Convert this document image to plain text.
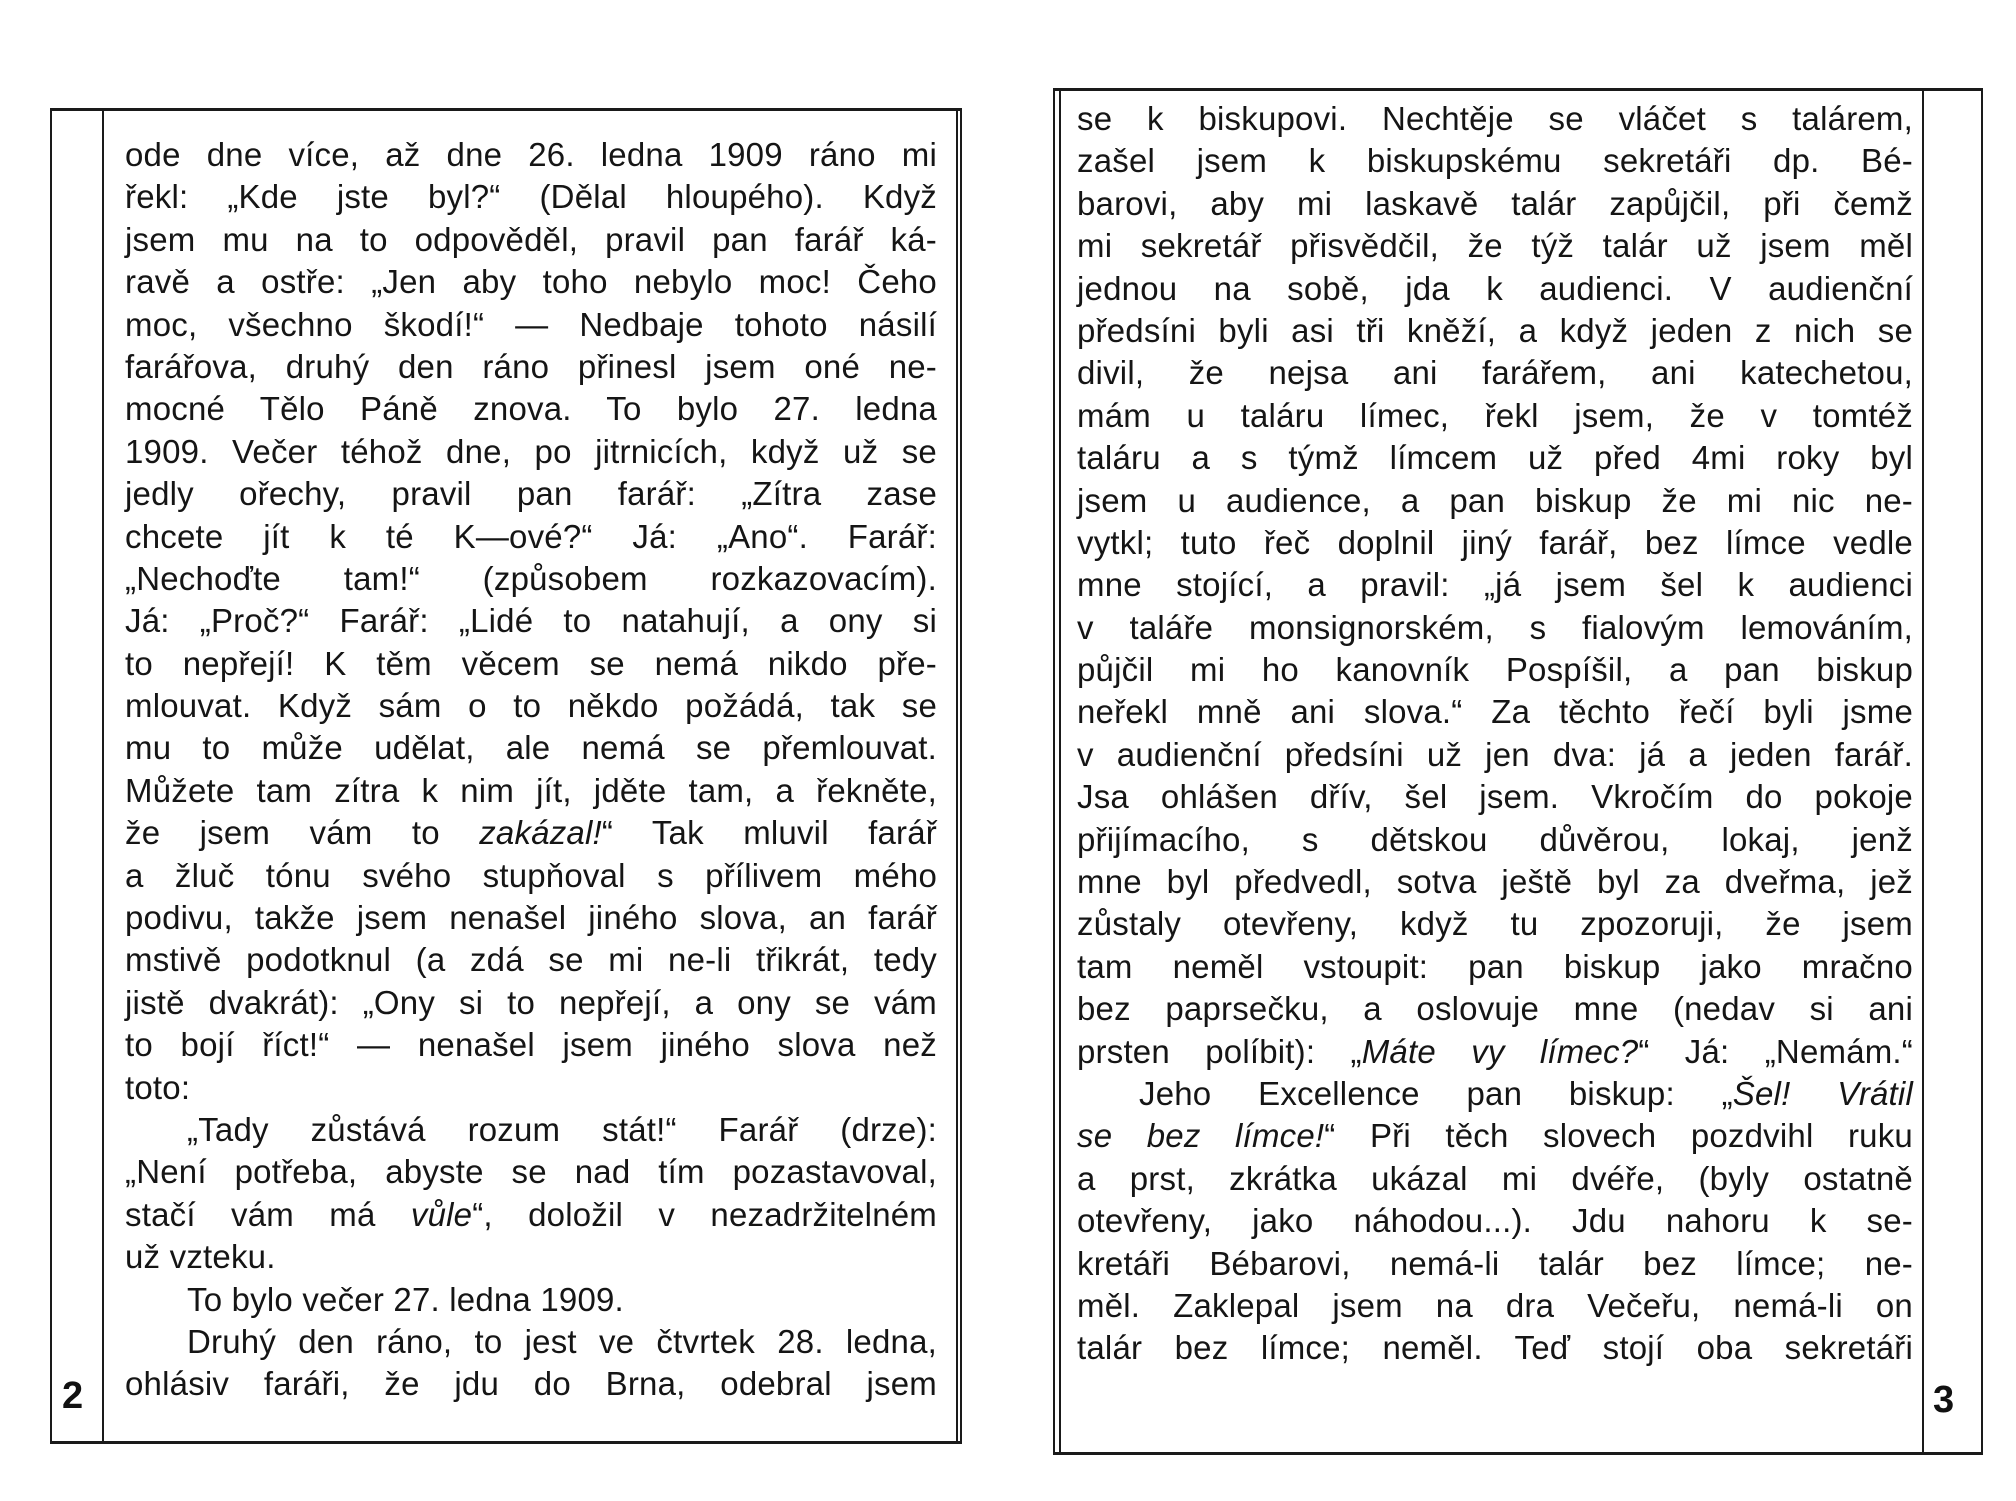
2
ode dne více, až dne 26. ledna 1909 ráno mi
řekl: „Kde jste byl?“ (Dělal hloupého). Když
jsem mu na to odpověděl, pravil pan farář ká-
ravě a ostře: „Jen aby toho nebylo moc! Čeho
moc, všechno škodí!“ — Nedbaje tohoto násilí
farářova, druhý den ráno přinesl jsem oné ne-
mocné Tělo Páně znova. To bylo 27. ledna
1909. Večer téhož dne, po jitrnicích, když už se
jedly ořechy, pravil pan farář: „Zítra zase
chcete jít k té K—ové?“ Já: „Ano“. Farář:
„Nechoďte tam!“ (způsobem rozkazovacím).
Já: „Proč?“ Farář: „Lidé to natahují, a ony si
to nepřejí! K těm věcem se nemá nikdo pře-
mlouvat. Když sám o to někdo požádá, tak se
mu to může udělat, ale nemá se přemlouvat.
Můžete tam zítra k nim jít, jděte tam, a řekněte,
že jsem vám to zakázal!“ Tak mluvil farář
a žluč tónu svého stupňoval s přílivem mého
podivu, takže jsem nenašel jiného slova, an farář
mstivě podotknul (a zdá se mi ne-li třikrát, tedy
jistě dvakrát): „Ony si to nepřejí, a ony se vám
to bojí říct!“ — nenašel jsem jiného slova než
toto:
„Tady zůstává rozum stát!“ Farář (drze):
„Není potřeba, abyste se nad tím pozastavoval,
stačí vám má vůle“, doložil v nezadržitelném
už vzteku.
To bylo večer 27. ledna 1909.
Druhý den ráno, to jest ve čtvrtek 28. ledna,
ohlásiv faráři, že jdu do Brna, odebral jsem	3
se k biskupovi. Nechtěje se vláčet s talárem,
zašel jsem k biskupskému sekretáři dp. Bé-
barovi, aby mi laskavě talár zapůjčil, při čemž
mi sekretář přisvědčil, že týž talár už jsem měl
jednou na sobě, jda k audienci. V audienční
předsíni byli asi tři kněží, a když jeden z nich se
divil, že nejsa ani farářem, ani katechetou,
mám u taláru límec, řekl jsem, že v tomtéž
taláru a s týmž límcem už před 4mi roky byl
jsem u audience, a pan biskup že mi nic ne-
vytkl; tuto řeč doplnil jiný farář, bez límce vedle
mne stojící, a pravil: „já jsem šel k audienci
v taláře monsignorském, s fialovým lemováním,
půjčil mi ho kanovník Pospíšil, a pan biskup
neřekl mně ani slova.“ Za těchto řečí byli jsme
v audienční předsíni už jen dva: já a jeden farář.
Jsa ohlášen dřív, šel jsem. Vkročím do pokoje
přijímacího, s dětskou důvěrou, lokaj, jenž
mne byl předvedl, sotva ještě byl za dveřma, jež
zůstaly otevřeny, když tu zpozoruji, že jsem
tam neměl vstoupit: pan biskup jako mračno
bez paprsečku, a oslovuje mne (nedav si ani
prsten políbit): „Máte vy límec?“ Já: „Nemám.“
Jeho Excellence pan biskup: „Šel! Vrátil
se bez límce!“ Při těch slovech pozdvihl ruku
a prst, zkrátka ukázal mi dvéře, (byly ostatně
otevřeny, jako náhodou...). Jdu nahoru k se-
kretáři Bébarovi, nemá-li talár bez límce; ne-
měl. Zaklepal jsem na dra Večeřu, nemá-li on
talár bez límce; neměl. Teď stojí oba sekretáři
